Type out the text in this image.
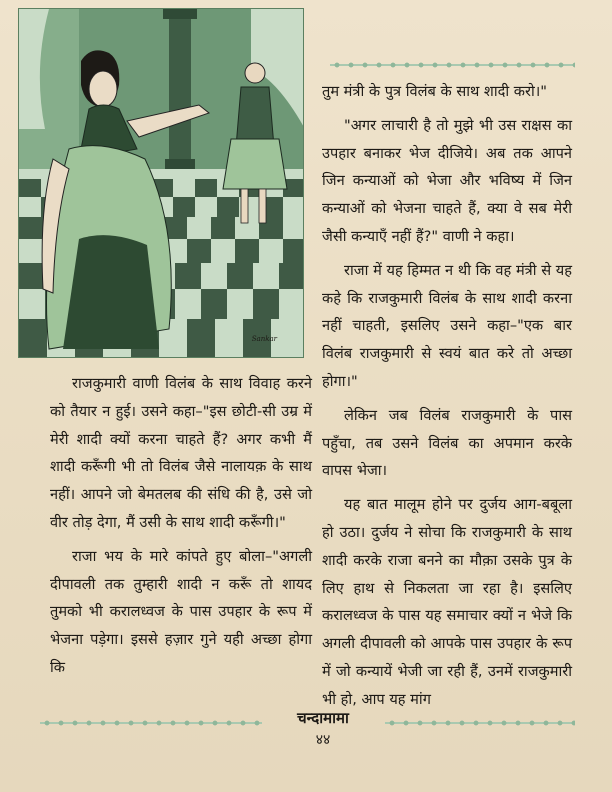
Sankar

तुम मंत्री के पुत्र विलंब के साथ शादी करो।"

"अगर लाचारी है तो मुझे भी उस राक्षस का उपहार बनाकर भेज दीजिये। अब तक आपने जिन कन्याओं को भेजा और भविष्य में जिन कन्याओं को भेजना चाहते हैं, क्या वे सब मेरी जैसी कन्याएँ नहीं हैं?" वाणी ने कहा।

राजा में यह हिम्मत न थी कि वह मंत्री से यह कहे कि राजकुमारी विलंब के साथ शादी करना नहीं चाहती, इसलिए उसने कहा–"एक बार विलंब राजकुमारी से स्वयं बात करे तो अच्छा होगा।"

लेकिन जब विलंब राजकुमारी के पास पहुँचा, तब उसने विलंब का अपमान करके वापस भेजा।

यह बात मालूम होने पर दुर्जय आग-बबूला हो उठा। दुर्जय ने सोचा कि राजकुमारी के साथ शादी करके राजा बनने का मौक़ा उसके पुत्र के लिए हाथ से निकलता जा रहा है। इसलिए करालध्वज के पास यह समाचार क्यों न भेजे कि अगली दीपावली को आपके पास उपहार के रूप में जो कन्यायें भेजी जा रही हैं, उनमें राजकुमारी भी हो, आप यह मांग

राजकुमारी वाणी विलंब के साथ विवाह करने को तैयार न हुई। उसने कहा–"इस छोटी-सी उम्र में मेरी शादी क्यों करना चाहते हैं? अगर कभी मैं शादी करूँगी भी तो विलंब जैसे नालायक़ के साथ नहीं। आपने जो बेमतलब की संधि की है, उसे जो वीर तोड़ देगा, मैं उसी के साथ शादी करूँगी।"

राजा भय के मारे कांपते हुए बोला–"अगली दीपावली तक तुम्हारी शादी न करूँ तो शायद तुमको भी करालध्वज के पास उपहार के रूप में भेजना पड़ेगा। इससे हज़ार गुने यही अच्छा होगा कि

चन्दामामा
४४
